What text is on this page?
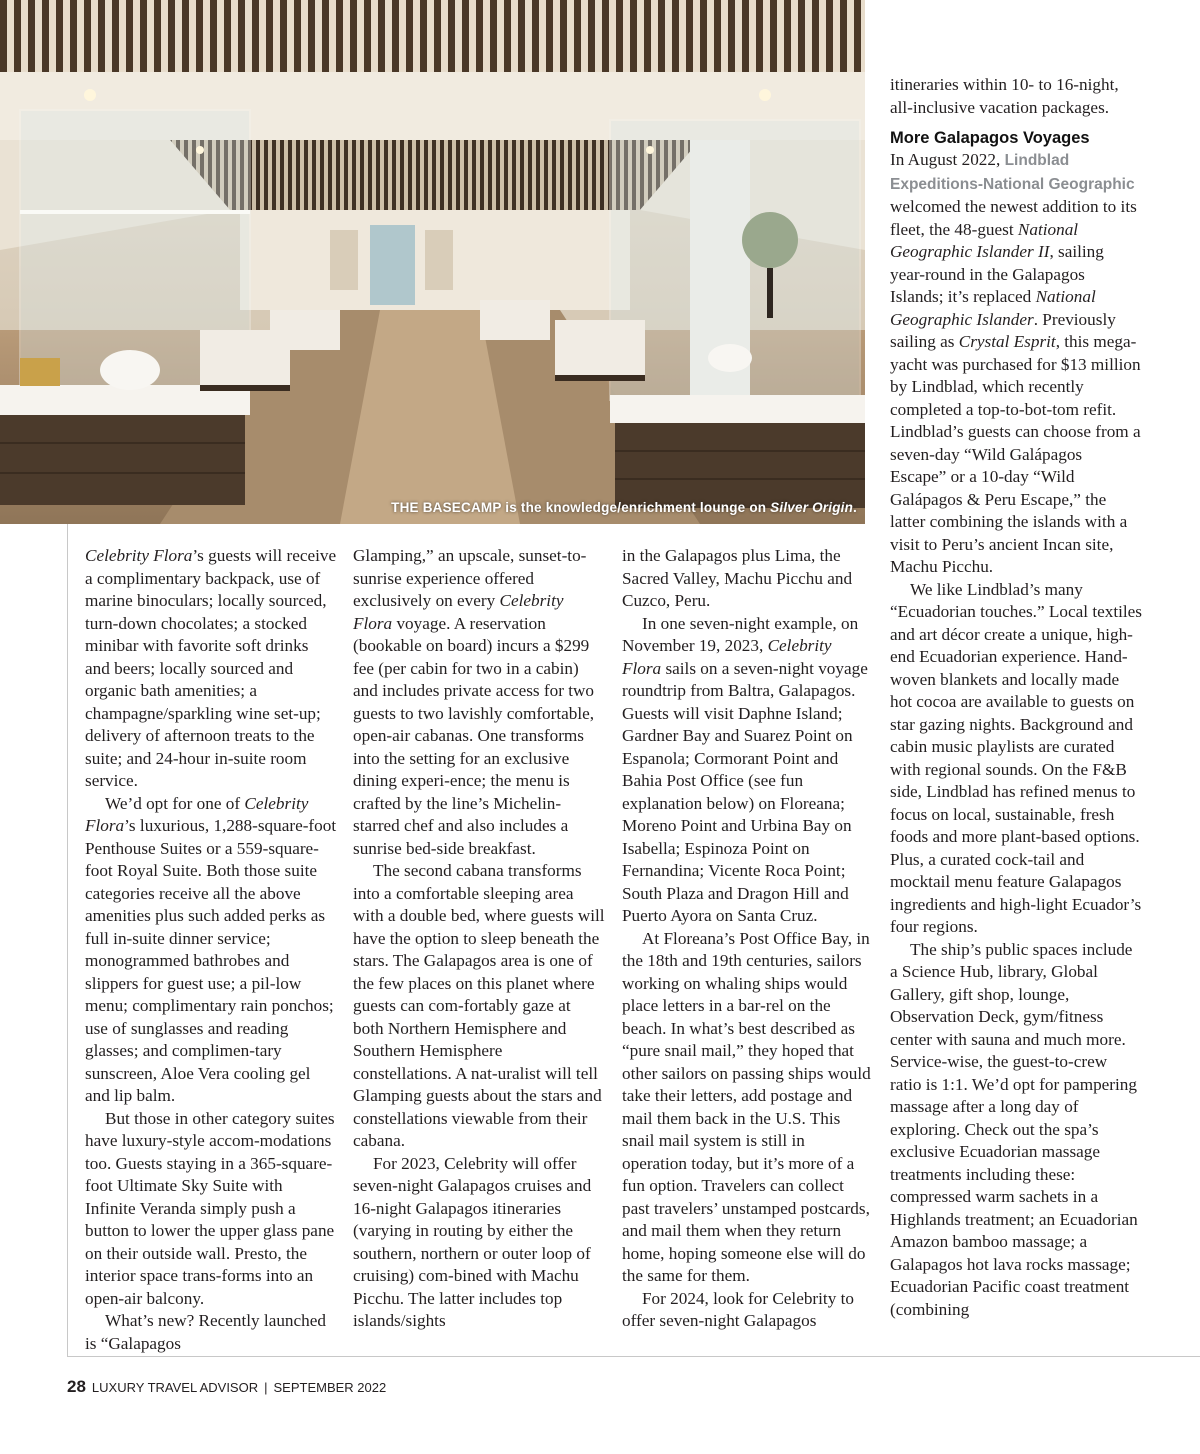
THE BASECAMP is the knowledge/enrichment lounge on Silver Origin.

Celebrity Flora’s guests will receive a complimentary backpack, use of marine binoculars; locally sourced, turn-down chocolates; a stocked minibar with favorite soft drinks and beers; locally sourced and organic bath amenities; a champagne/sparkling wine set-up; delivery of afternoon treats to the suite; and 24-hour in-suite room service.

We’d opt for one of Celebrity Flora’s luxurious, 1,288-square-foot Penthouse Suites or a 559-square-foot Royal Suite. Both those suite categories receive all the above amenities plus such added perks as full in-suite dinner service; monogrammed bathrobes and slippers for guest use; a pil-low menu; complimentary rain ponchos; use of sunglasses and reading glasses; and complimen-tary sunscreen, Aloe Vera cooling gel and lip balm.

But those in other category suites have luxury-style accom-modations too. Guests staying in a 365-square-foot Ultimate Sky Suite with Infinite Veranda simply push a button to lower the upper glass pane on their outside wall. Presto, the interior space trans-forms into an open-air balcony.

What’s new? Recently launched is “Galapagos

Glamping,” an upscale, sunset-to-sunrise experience offered exclusively on every Celebrity Flora voyage. A reservation (bookable on board) incurs a $299 fee (per cabin for two in a cabin) and includes private access for two guests to two lavishly comfortable, open-air cabanas. One transforms into the setting for an exclusive dining experi-ence; the menu is crafted by the line’s Michelin-starred chef and also includes a sunrise bed-side breakfast.

The second cabana transforms into a comfortable sleeping area with a double bed, where guests will have the option to sleep beneath the stars. The Galapagos area is one of the few places on this planet where guests can com-fortably gaze at both Northern Hemisphere and Southern Hemisphere constellations. A nat-uralist will tell Glamping guests about the stars and constellations viewable from their cabana.

For 2023, Celebrity will offer seven-night Galapagos cruises and 16-night Galapagos itineraries (varying in routing by either the southern, northern or outer loop of cruising) com-bined with Machu Picchu. The latter includes top islands/sights

in the Galapagos plus Lima, the Sacred Valley, Machu Picchu and Cuzco, Peru.

In one seven-night example, on November 19, 2023, Celebrity Flora sails on a seven-night voyage roundtrip from Baltra, Galapagos. Guests will visit Daphne Island; Gardner Bay and Suarez Point on Espanola; Cormorant Point and Bahia Post Office (see fun explanation below) on Floreana; Moreno Point and Urbina Bay on Isabella; Espinoza Point on Fernandina; Vicente Roca Point; South Plaza and Dragon Hill and Puerto Ayora on Santa Cruz.

At Floreana’s Post Office Bay, in the 18th and 19th centuries, sailors working on whaling ships would place letters in a bar-rel on the beach. In what’s best described as “pure snail mail,” they hoped that other sailors on passing ships would take their letters, add postage and mail them back in the U.S. This snail mail system is still in operation today, but it’s more of a fun option. Travelers can collect past travelers’ unstamped postcards, and mail them when they return home, hoping someone else will do the same for them.

For 2024, look for Celebrity to offer seven-night Galapagos

itineraries within 10- to 16-night, all-inclusive vacation packages.

More Galapagos Voyages

In August 2022, Lindblad Expeditions-National Geographic welcomed the newest addition to its fleet, the 48-guest National Geographic Islander II, sailing year-round in the Galapagos Islands; it’s replaced National Geographic Islander. Previously sailing as Crystal Esprit, this mega-yacht was purchased for $13 million by Lindblad, which recently completed a top-to-bot-tom refit. Lindblad’s guests can choose from a seven-day “Wild Galápagos Escape” or a 10-day “Wild Galápagos & Peru Escape,” the latter combining the islands with a visit to Peru’s ancient Incan site, Machu Picchu.

We like Lindblad’s many “Ecuadorian touches.” Local textiles and art décor create a unique, high-end Ecuadorian experience. Hand-woven blankets and locally made hot cocoa are available to guests on star gazing nights. Background and cabin music playlists are curated with regional sounds. On the F&B side, Lindblad has refined menus to focus on local, sustainable, fresh foods and more plant-based options. Plus, a curated cock-tail and mocktail menu feature Galapagos ingredients and high-light Ecuador’s four regions.

The ship’s public spaces include a Science Hub, library, Global Gallery, gift shop, lounge, Observation Deck, gym/fitness center with sauna and much more. Service-wise, the guest-to-crew ratio is 1:1. We’d opt for pampering massage after a long day of exploring. Check out the spa’s exclusive Ecuadorian massage treatments including these: compressed warm sachets in a Highlands treatment; an Ecuadorian Amazon bamboo massage; a Galapagos hot lava rocks massage; Ecuadorian Pacific coast treatment (combining

28 LUXURY TRAVEL ADVISOR | SEPTEMBER 2022
